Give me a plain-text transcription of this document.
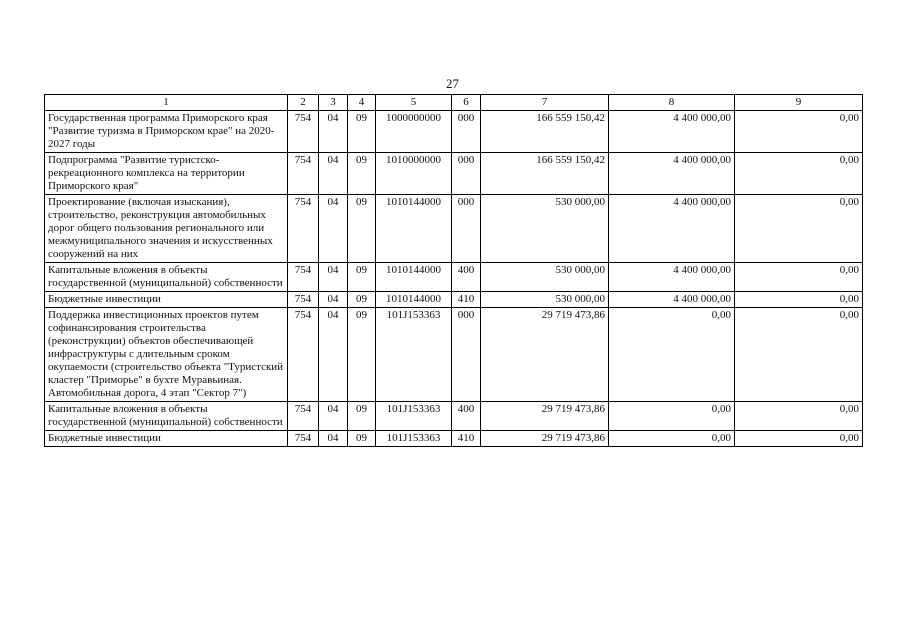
27
1	2	3	4	5	6	7	8	9
Государственная программа Приморского края "Развитие туризма в Приморском крае" на 2020-2027 годы	754	04	09	1000000000	000	166 559 150,42	4 400 000,00	0,00
Подпрограмма "Развитие туристско-рекреационного комплекса на территории Приморского края"	754	04	09	1010000000	000	166 559 150,42	4 400 000,00	0,00
Проектирование (включая изыскания), строительство, реконструкция автомобильных дорог общего пользования регионального или межмуниципального значения и искусственных сооружений на них	754	04	09	1010144000	000	530 000,00	4 400 000,00	0,00
Капитальные вложения в объекты государственной (муниципальной) собственности	754	04	09	1010144000	400	530 000,00	4 400 000,00	0,00
Бюджетные инвестиции	754	04	09	1010144000	410	530 000,00	4 400 000,00	0,00
Поддержка инвестиционных проектов путем софинансирования строительства (реконструкции) объектов обеспечивающей инфраструктуры с длительным сроком окупаемости (строительство объекта "Туристский кластер "Приморье" в бухте Муравьиная. Автомобильная дорога, 4 этап "Сектор 7")	754	04	09	101J153363	000	29 719 473,86	0,00	0,00
Капитальные вложения в объекты государственной (муниципальной) собственности	754	04	09	101J153363	400	29 719 473,86	0,00	0,00
Бюджетные инвестиции	754	04	09	101J153363	410	29 719 473,86	0,00	0,00
